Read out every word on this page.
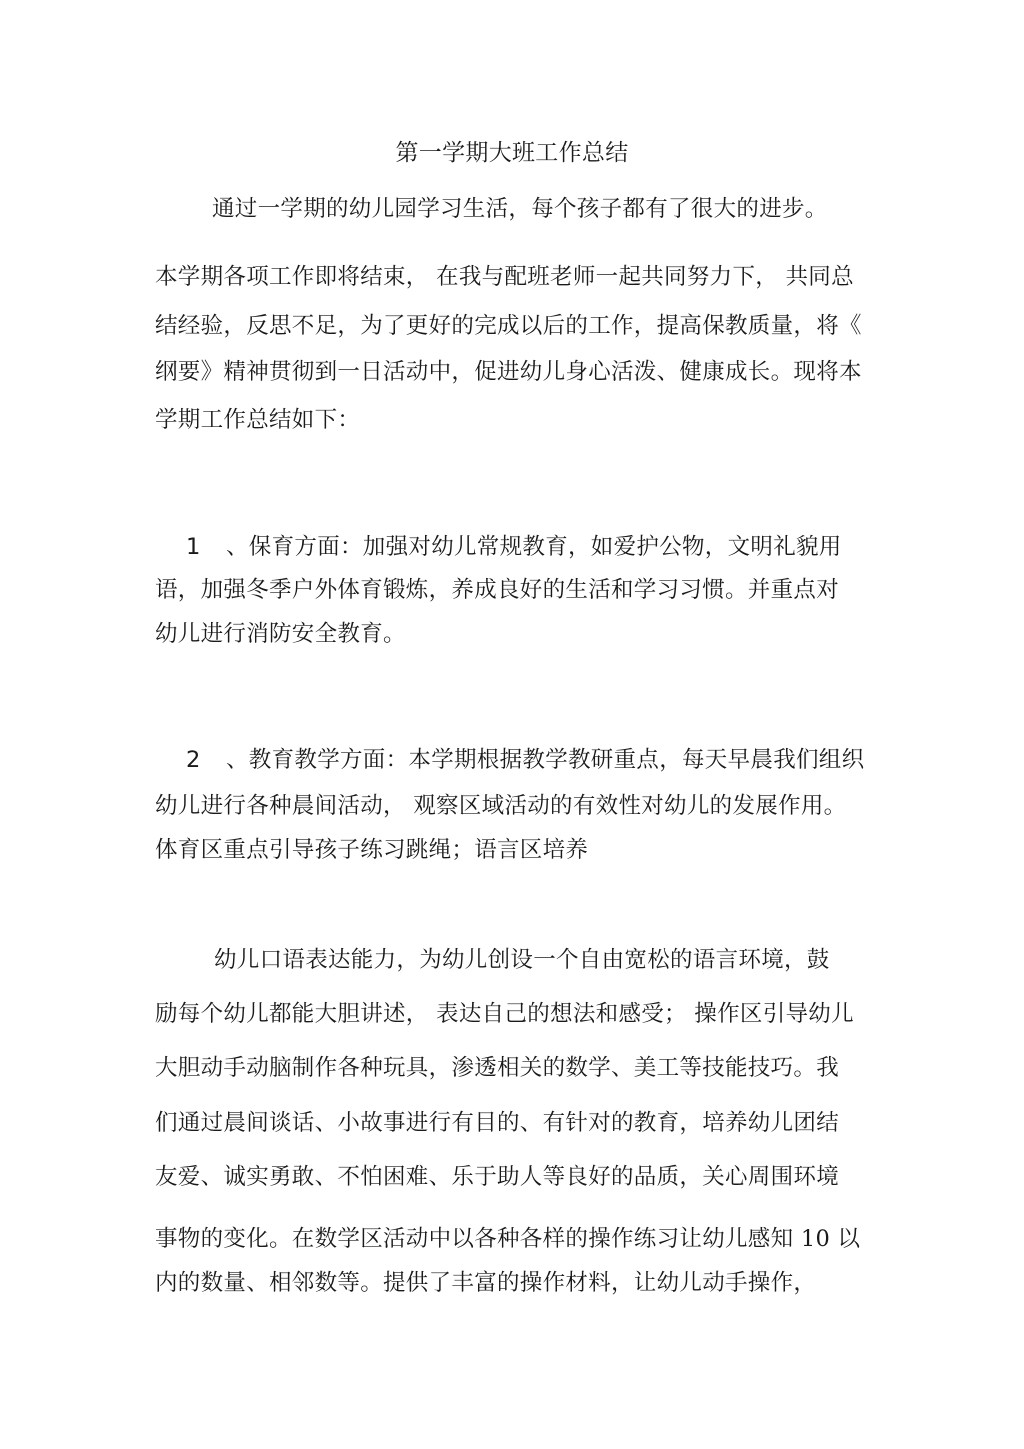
第一学期大班工作总结
通过一学期的幼儿园学习生活，每个孩子都有了很大的进步。
本学期各项工作即将结束， 在我与配班老师一起共同努力下， 共同总
结经验，反思不足，为了更好的完成以后的工作，提高保教质量，将《
纲要》精神贯彻到一日活动中，促进幼儿身心活泼、健康成长。现将本
学期工作总结如下：
1 、保育方面：加强对幼儿常规教育，如爱护公物，文明礼貌用
语，加强冬季户外体育锻炼，养成良好的生活和学习习惯。并重点对
幼儿进行消防安全教育。
2 、教育教学方面：本学期根据教学教研重点，每天早晨我们组织
幼儿进行各种晨间活动， 观察区域活动的有效性对幼儿的发展作用。
体育区重点引导孩子练习跳绳；语言区培养
幼儿口语表达能力，为幼儿创设一个自由宽松的语言环境，鼓
励每个幼儿都能大胆讲述， 表达自己的想法和感受； 操作区引导幼儿
大胆动手动脑制作各种玩具，渗透相关的数学、美工等技能技巧。我
们通过晨间谈话、小故事进行有目的、有针对的教育，培养幼儿团结
友爱、诚实勇敢、不怕困难、乐于助人等良好的品质，关心周围环境
事物的变化。在数学区活动中以各种各样的操作练习让幼儿感知 10 以
内的数量、相邻数等。提供了丰富的操作材料，让幼儿动手操作，
